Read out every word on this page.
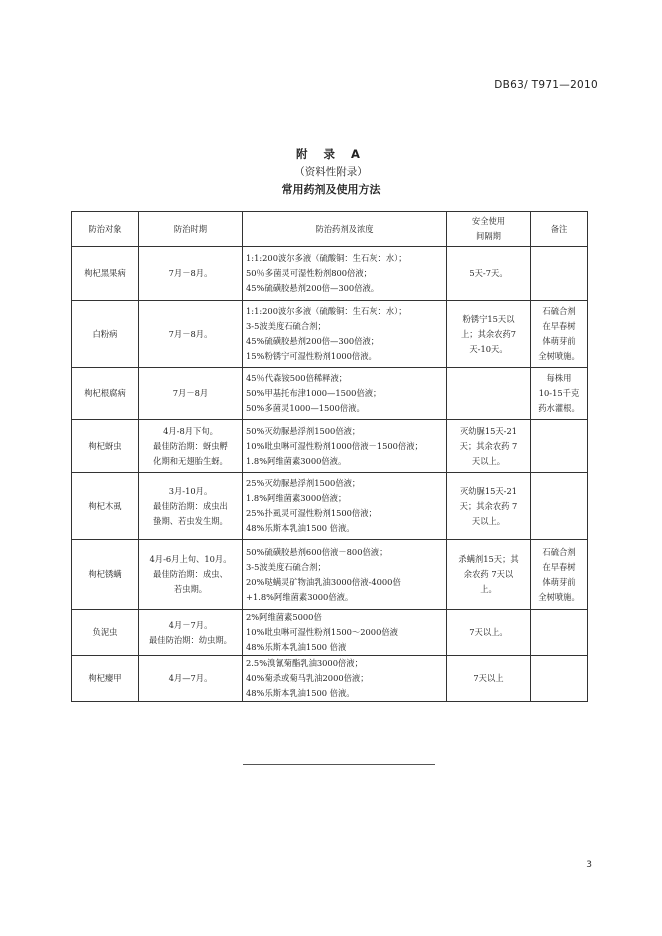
DB63/ T971—2010
附 录 A
（资料性附录）
常用药剂及使用方法
防治对象	防治时期	防治药剂及浓度	安全使用
间隔期	备注
枸杞黑果病	7月－8月。	1:1:200波尔多液（硫酸铜：生石灰：水）；
50％多菌灵可湿性粉剂800倍液；
45%硫磺胶悬剂200倍—300倍液。	5天-7天。	

白粉病	7月－8月。	1:1:200波尔多液（硫酸铜：生石灰：水）；
3-5波美度石硫合剂；
45%硫磺胶悬剂200倍—300倍液；
15%粉锈宁可湿性粉剂1000倍液。	粉锈宁15天以
上；其余农药7
天-10天。	石硫合剂
在早春树
体萌芽前
全树喷施。

枸杞根腐病	7月－8月	45％代森铵500倍稀释液；
50%甲基托布津1000—1500倍液；
50%多菌灵1000—1500倍液。		每株用
10-15千克
药水灌根。

枸杞蚜虫	4月-8月下旬。
最佳防治期：蚜虫孵
化期和无翅胎生蚜。	50%灭幼脲悬浮剂1500倍液；
10%吡虫啉可湿性粉剂1000倍液－1500倍液；
1.8%阿维菌素3000倍液。	灭幼脲15天-21
天；其余农药 7
天以上。	

枸杞木虱	3月-10月。
最佳防治期：成虫出
蛰期、若虫发生期。	25%灭幼脲悬浮剂1500倍液；
1.8%阿维菌素3000倍液；
25%扑虱灵可湿性粉剂1500倍液；
48%乐斯本乳油1500 倍液。	灭幼脲15天-21
天；其余农药 7
天以上。	

枸杞锈螨	4月-6月上旬、10月。
最佳防治期：成虫、
若虫期。	50%硫磺胶悬剂600倍液－800倍液；
3-5波美度石硫合剂；
20%哒螨灵矿物油乳油3000倍液-4000倍
+1.8%阿维菌素3000倍液。	杀螨剂15天；其
余农药 7天以
上。	石硫合剂
在早春树
体萌芽前
全树喷施。

负泥虫	4月－7月。
最佳防治期：幼虫期。	2%阿维菌素5000倍
10%吡虫啉可湿性粉剂1500～2000倍液
48%乐斯本乳油1500 倍液	7天以上。	

枸杞瘿甲	4月—7月。	2.5%溴氰菊酯乳油3000倍液；
40%菊杀或菊马乳油2000倍液；
48%乐斯本乳油1500 倍液。	7天以上	

3
